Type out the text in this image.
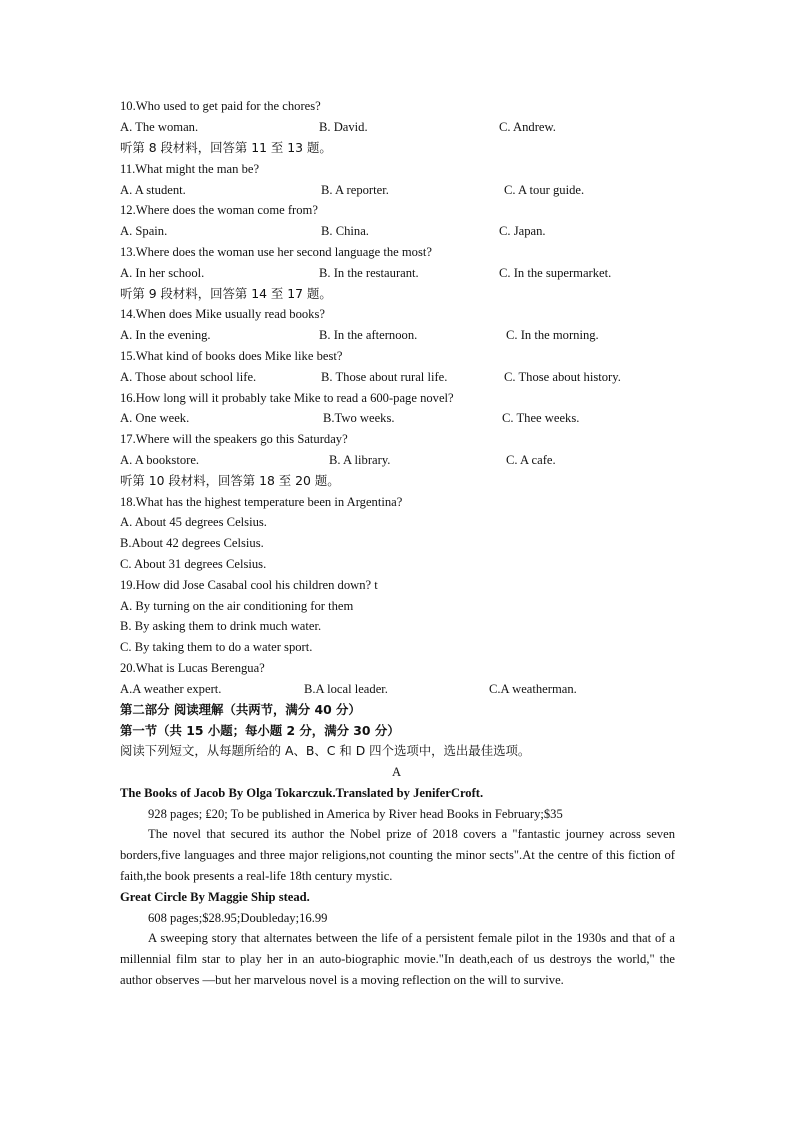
10.Who used to get paid for the chores?
A. The woman.	B. David.	C. Andrew.
听第 8 段材料，回答第 11 至 13 题。
11.What might the man be?
A. A student.	B. A reporter.	C. A tour guide.
12.Where does the woman come from?
A. Spain.	B. China.	C. Japan.
13.Where does the woman use her second language the most?
A. In her school.	B. In the restaurant.	C. In the supermarket.
听第 9 段材料，回答第 14 至 17 题。
14.When does Mike usually read books?
A. In the evening.	B. In the afternoon.	C. In the morning.
15.What kind of books does Mike like best?
A. Those about school life.	B. Those about rural life.	C. Those about history.
16.How long will it probably take Mike to read a 600-page novel?
A. One week.	B.Two weeks.	C. Thee weeks.
17.Where will the speakers go this Saturday?
A. A bookstore.	B. A library.	C. A cafe.
听第 10 段材料，回答第 18 至 20 题。
18.What has the highest temperature been in Argentina?
A. About 45 degrees Celsius.
B.About 42 degrees Celsius.
C. About 31 degrees Celsius.
19.How did Jose Casabal cool his children down? t
A. By turning on the air conditioning for them
B. By asking them to drink much water.
C. By taking them to do a water sport.
20.What is Lucas Berengua?
A.A weather expert.	B.A local leader.	C.A weatherman.
第二部分 阅读理解（共两节，满分 40 分）
第一节（共 15 小题；每小题 2 分，满分 30 分）
阅读下列短文，从每题所给的 A、B、C 和 D 四个选项中，选出最佳选项。
A
The Books of Jacob By Olga Tokarczuk.Translated by JeniferCroft.
928 pages; ₤20; To be published in America by River head Books in February;$35
The novel that secured its author the Nobel prize of 2018 covers a "fantastic journey across seven borders,five languages and three major religions,not counting the minor sects".At the centre of this fiction of faith,the book presents a real-life 18th century mystic.
Great Circle By Maggie Ship stead.
608 pages;$28.95;Doubleday;16.99
A sweeping story that alternates between the life of a persistent female pilot in the 1930s and that of a millennial film star to play her in an auto-biographic movie."In death,each of us destroys the world," the author observes —but her marvelous novel is a moving reflection on the will to survive.
